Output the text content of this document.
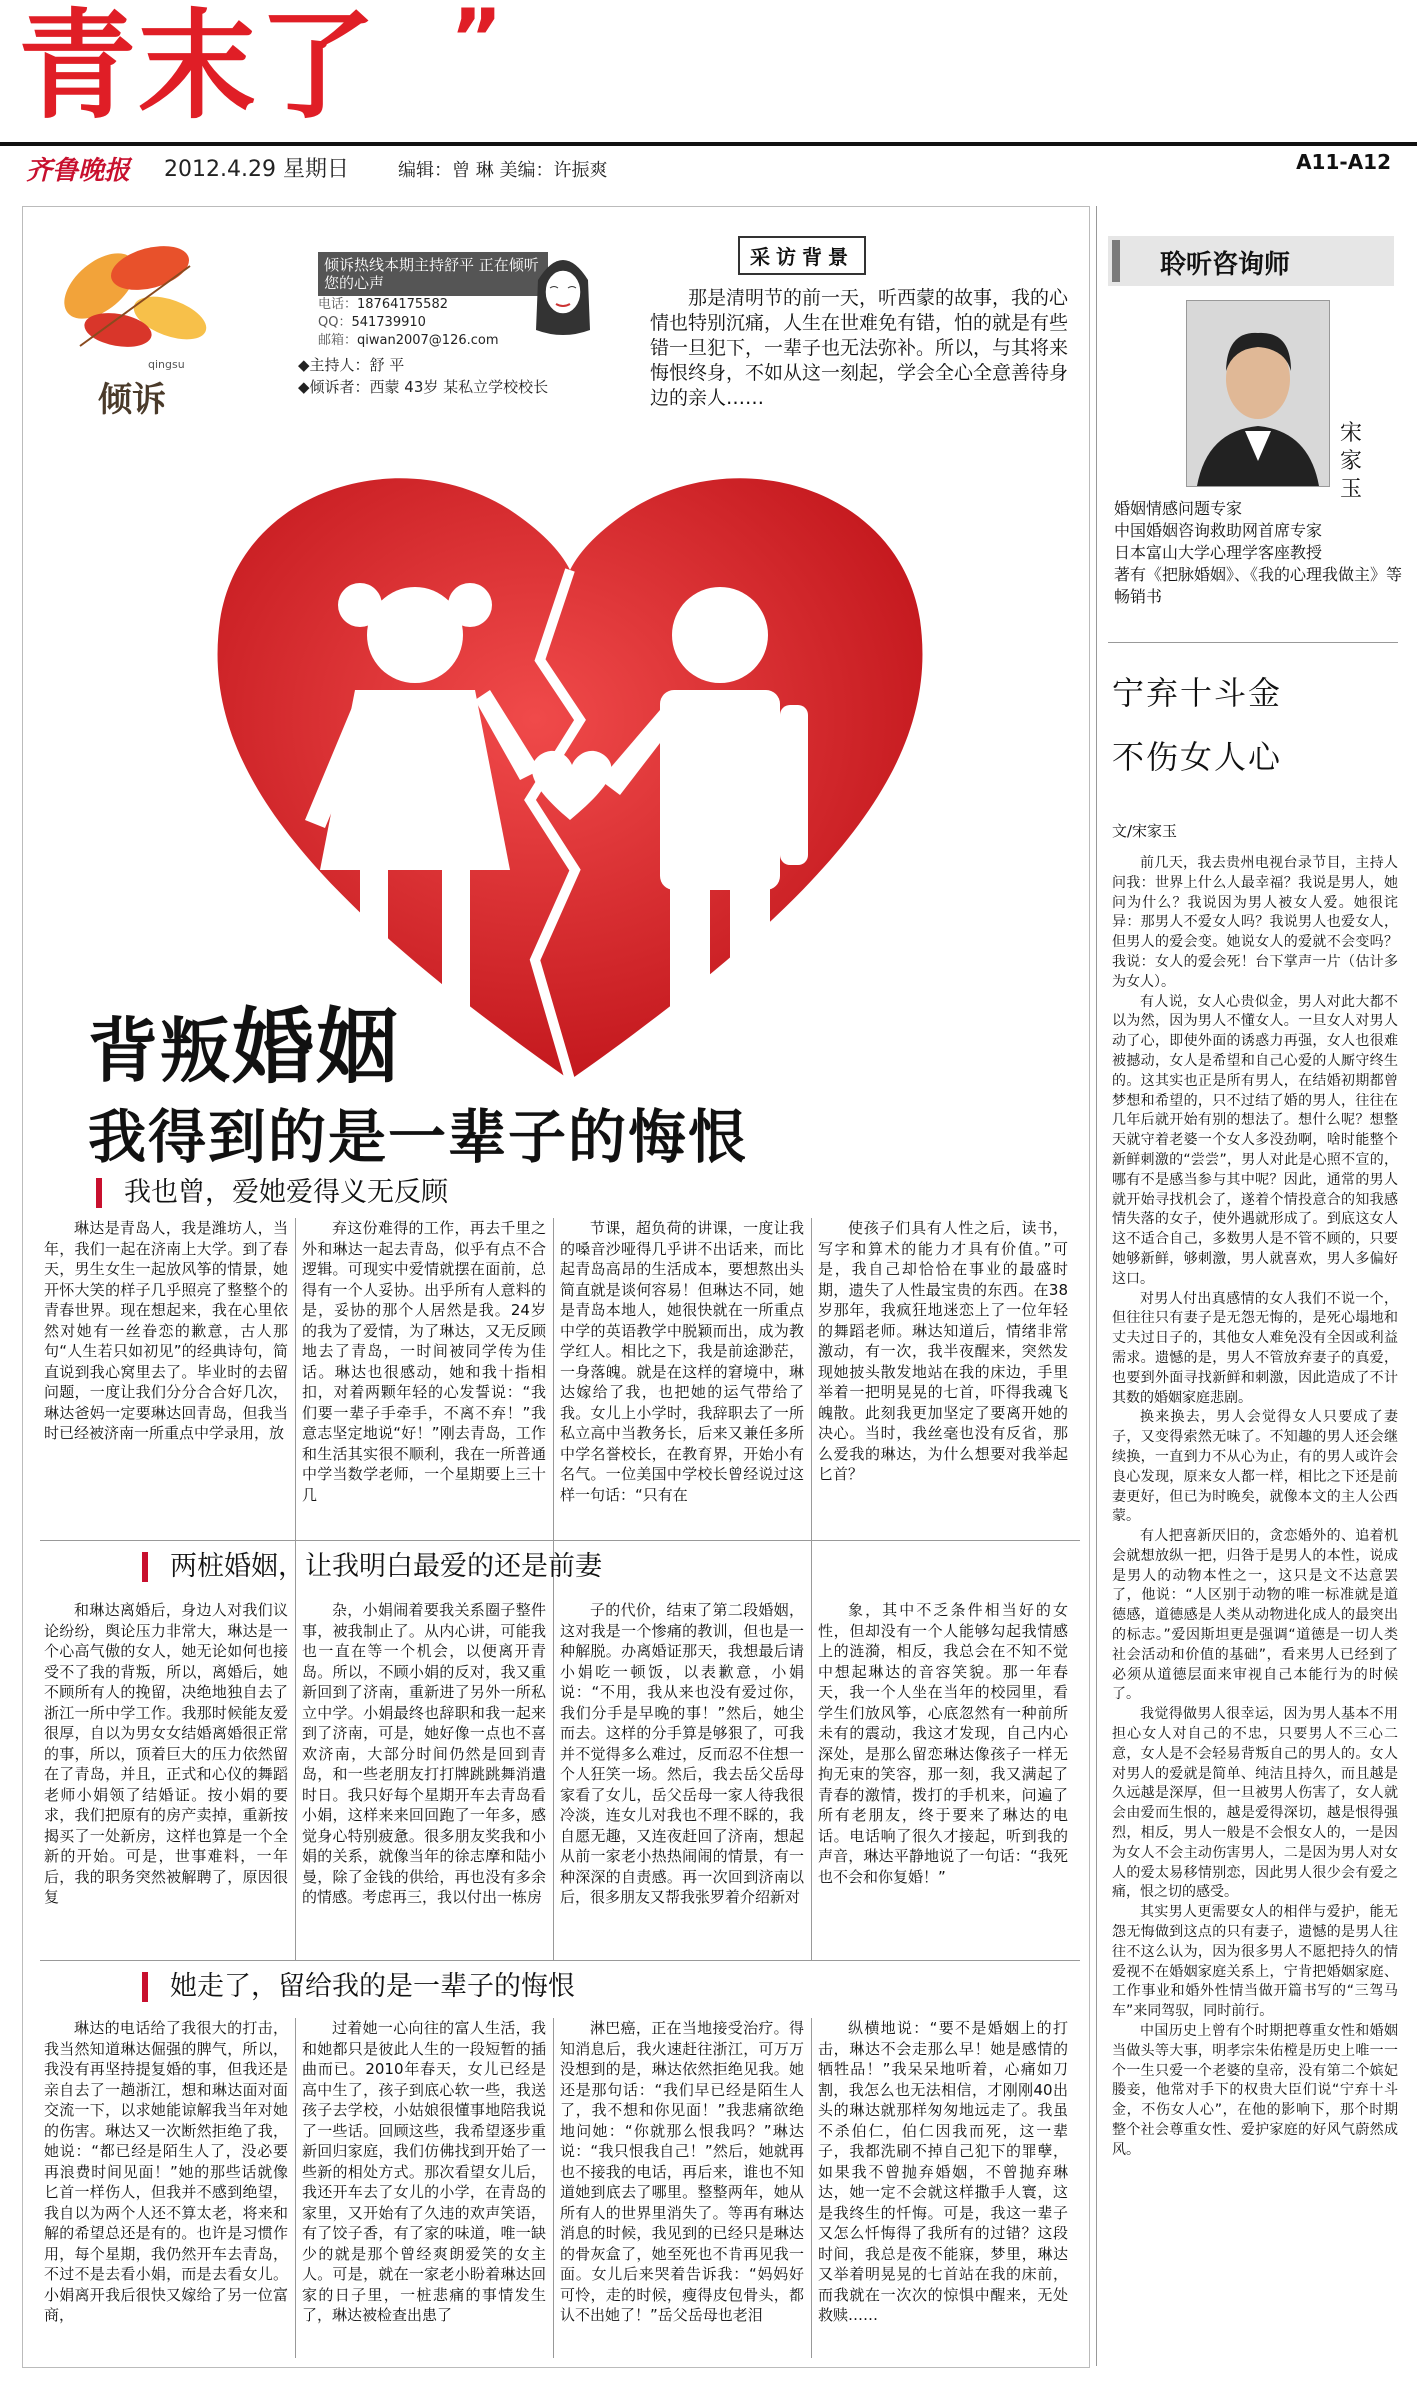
青末了 ”
齐鲁晚报 2012.4.29 星期日	编辑：曾 琳 美编：许振爽	A11-A12
qingsu
倾诉
倾诉热线本期主持舒平 正在倾听您的心声
电话：18764175582
QQ：541739910
邮箱：qiwan2007@126.com
◆主持人：舒 平
◆倾诉者：西蒙 43岁 某私立学校校长
采访背景
那是清明节的前一天，听西蒙的故事，我的心情也特别沉痛，人生在世难免有错，怕的就是有些错一旦犯下，一辈子也无法弥补。所以，与其将来悔恨终身，不如从这一刻起，学会全心全意善待身边的亲人……
背叛婚姻
我得到的是一辈子的悔恨
我也曾，爱她爱得义无反顾
琳达是青岛人，我是潍坊人，当年，我们一起在济南上大学。到了春天，男生女生一起放风筝的情景，她开怀大笑的样子几乎照亮了整整个的青春世界。现在想起来，我在心里依然对她有一丝眷恋的歉意，古人那句“人生若只如初见”的经典诗句，简直说到我心窝里去了。毕业时的去留问题，一度让我们分分合合好几次，琳达爸妈一定要琳达回青岛，但我当时已经被济南一所重点中学录用，放
弃这份难得的工作，再去千里之外和琳达一起去青岛，似乎有点不合逻辑。可现实中爱情就摆在面前，总得有一个人妥协。出乎所有人意料的是，妥协的那个人居然是我。24岁的我为了爱情，为了琳达，又无反顾地去了青岛，一时间被同学传为佳话。琳达也很感动，她和我十指相扣，对着两颗年轻的心发誓说：“我们要一辈子手牵手，不离不弃！”我意志坚定地说“好！”刚去青岛，工作和生活其实很不顺利，我在一所普通中学当数学老师，一个星期要上三十几
节课，超负荷的讲课，一度让我的嗓音沙哑得几乎讲不出话来，而比起青岛高昂的生活成本，要想熬出头简直就是谈何容易！但琳达不同，她是青岛本地人，她很快就在一所重点中学的英语教学中脱颖而出，成为教学红人。相比之下，我是前途渺茫，一身落魄。就是在这样的窘境中，琳达嫁给了我，也把她的运气带给了我。女儿上小学时，我辞职去了一所私立高中当教务长，后来又兼任多所中学名誉校长，在教育界，开始小有名气。一位美国中学校长曾经说过这样一句话：“只有在
使孩子们具有人性之后，读书，写字和算术的能力才具有价值。”可是，我自己却恰恰在事业的最盛时期，遗失了人性最宝贵的东西。在38岁那年，我疯狂地迷恋上了一位年轻的舞蹈老师。琳达知道后，情绪非常激动，有一次，我半夜醒来，突然发现她披头散发地站在我的床边，手里举着一把明晃晃的七首，吓得我魂飞魄散。此刻我更加坚定了要离开她的决心。当时，我丝毫也没有反省，那么爱我的琳达，为什么想要对我举起匕首？
两桩婚姻，让我明白最爱的还是前妻
和琳达离婚后，身边人对我们议论纷纷，舆论压力非常大，琳达是一个心高气傲的女人，她无论如何也接受不了我的背叛，所以，离婚后，她不顾所有人的挽留，决绝地独自去了浙江一所中学工作。我那时候能友爱很厚，自以为男女女结婚离婚很正常的事，所以，顶着巨大的压力依然留在了青岛，并且，正式和心仪的舞蹈老师小娟领了结婚证。按小娟的要求，我们把原有的房产卖掉，重新按揭买了一处新房，这样也算是一个全新的开始。可是，世事难料，一年后，我的职务突然被解聘了，原因很复
杂，小娟闹着要我关系圈子整件事，被我制止了。从内心讲，可能我也一直在等一个机会，以便离开青岛。所以，不顾小娟的反对，我又重新回到了济南，重新进了另外一所私立中学。小娟最终也辞职和我一起来到了济南，可是，她好像一点也不喜欢济南，大部分时间仍然是回到青岛，和一些老朋友打打牌跳跳舞消遣时日。我只好每个星期开车去青岛看小娟，这样来来回回跑了一年多，感觉身心特别疲惫。很多朋友奖我和小娟的关系，就像当年的徐志摩和陆小曼，除了金钱的供给，再也没有多余的情感。考虑再三，我以付出一栋房
子的代价，结束了第二段婚姻，这对我是一个惨痛的教训，但也是一种解脱。办离婚证那天，我想最后请小娟吃一顿饭，以表歉意，小娟说：“不用，我从来也没有爱过你，我们分手是早晚的事！”然后，她尘而去。这样的分手算是够狠了，可我并不觉得多么难过，反而忍不住想一个人狂笑一场。然后，我去岳父岳母家看了女儿，岳父岳母一家人待我很冷淡，连女儿对我也不理不睬的，我自愿无趣，又连夜赶回了济南，想起从前一家老小热热闹闹的情景，有一种深深的自责感。再一次回到济南以后，很多朋友又帮我张罗着介绍新对
象，其中不乏条件相当好的女性，但却没有一个人能够勾起我情感上的涟漪，相反，我总会在不知不觉中想起琳达的音容笑貌。那一年春天，我一个人坐在当年的校园里，看学生们放风筝，心底忽然有一种前所未有的震动，我这才发现，自己内心深处，是那么留恋琳达像孩子一样无拘无束的笑容，那一刻，我又满起了青春的激情，拨打的手机来，问遍了所有老朋友，终于要来了琳达的电话。电话响了很久才接起，听到我的声音，琳达平静地说了一句话：“我死也不会和你复婚！”
她走了，留给我的是一辈子的悔恨
琳达的电话给了我很大的打击，我当然知道琳达倔强的脾气，所以，我没有再坚持提复婚的事，但我还是亲自去了一趟浙江，想和琳达面对面交流一下，以求她能谅解我当年对她的伤害。琳达又一次断然拒绝了我，她说：“都已经是陌生人了，没必要再浪费时间见面！”她的那些话就像匕首一样伤人，但我并不感到绝望，我自以为两个人还不算太老，将来和解的希望总还是有的。也许是习惯作用，每个星期，我仍然开车去青岛，不过不是去看小娟，而是去看女儿。小娟离开我后很快又嫁给了另一位富商，
过着她一心向往的富人生活，我和她都只是彼此人生的一段短暂的插曲而已。2010年春天，女儿已经是高中生了，孩子到底心软一些，我送孩子去学校，小姑娘很懂事地陪我说了一些话。回顾这些，我希望逐步重新回归家庭，我们仿佛找到开始了一些新的相处方式。那次看望女儿后，我还开车去了女儿的小学，在青岛的家里，又开始有了久违的欢声笑语，有了饺子香，有了家的味道，唯一缺少的就是那个曾经爽朗爱笑的女主人。可是，就在一家老小盼着琳达回家的日子里，一桩悲痛的事情发生了，琳达被检查出患了
淋巴癌，正在当地接受治疗。得知消息后，我火速赶往浙江，可万万没想到的是，琳达依然拒绝见我。她还是那句话：“我们早已经是陌生人了，我不想和你见面！”我悲痛欲绝地问她：“你就那么恨我吗？”琳达说：“我只恨我自己！”然后，她就再也不接我的电话，再后来，谁也不知道她到底去了哪里。整整两年，她从所有人的世界里消失了。等再有琳达消息的时候，我见到的已经只是琳达的骨灰盒了，她至死也不肯再见我一面。女儿后来哭着告诉我：“妈妈好可怜，走的时候，瘦得皮包骨头，都认不出她了！”岳父岳母也老泪
纵横地说：“要不是婚姻上的打击，琳达不会走那么早！她是感情的牺牲品！”我呆呆地听着，心痛如刀割，我怎么也无法相信，才刚刚40出头的琳达就那样匆匆地远走了。我虽不杀伯仁，伯仁因我而死，这一辈子，我都洗刷不掉自己犯下的罪孽，如果我不曾抛弃婚姻，不曾抛弃琳达，她一定不会就这样撒手人寰，这是我终生的忏悔。可是，我这一辈子又怎么忏悔得了我所有的过错？这段时间，我总是夜不能寐，梦里，琳达又举着明晃晃的七首站在我的床前，而我就在一次次的惊惧中醒来，无处救赎……
聆听咨询师
宋家玉
婚姻情感问题专家
中国婚姻咨询救助网首席专家
日本富山大学心理学客座教授
著有《把脉婚姻》、《我的心理我做主》等畅销书
宁弃十斗金
不伤女人心
文/宋家玉
前几天，我去贵州电视台录节目，主持人问我：世界上什么人最幸福？我说是男人，她问为什么？我说因为男人被女人爱。她很诧异：那男人不爱女人吗？我说男人也爱女人，但男人的爱会变。她说女人的爱就不会变吗？我说：女人的爱会死！台下掌声一片（估计多为女人）。
有人说，女人心贵似金，男人对此大都不以为然，因为男人不懂女人。一旦女人对男人动了心，即使外面的诱惑力再强，女人也很难被撼动，女人是希望和自己心爱的人厮守终生的。这其实也正是所有男人，在结婚初期都曾梦想和希望的，只不过结了婚的男人，往往在几年后就开始有别的想法了。想什么呢？想整天就守着老婆一个女人多没劲啊，啥时能整个新鲜刺激的“尝尝”，男人对此是心照不宣的，哪有不是感当参与其中呢？因此，通常的男人就开始寻找机会了，遂着个情投意合的知我感情失落的女子，使外遇就形成了。到底这女人这不适合自己，多数男人是不管不顾的，只要她够新鲜，够刺激，男人就喜欢，男人多偏好这口。
对男人付出真感情的女人我们不说一个，但往往只有妻子是无怨无悔的，是死心塌地和丈夫过日子的，其他女人难免没有全因或利益需求。遗憾的是，男人不管放弃妻子的真爱，也要到外面寻找新鲜和刺激，因此造成了不计其数的婚姻家庭悲剧。
换来换去，男人会觉得女人只要成了妻子，又变得索然无味了。不知趣的男人还会继续换，一直到力不从心为止，有的男人或许会良心发现，原来女人都一样，相比之下还是前妻更好，但已为时晚矣，就像本文的主人公西蒙。
有人把喜新厌旧的，贪恋婚外的、追着机会就想放纵一把，归咎于是男人的本性，说成是男人的动物本性之一，这只是文不达意罢了，他说：“人区别于动物的唯一标准就是道德感，道德感是人类从动物进化成人的最突出的标志。”爱因斯坦更是强调“道德是一切人类社会活动和价值的基础”，看来男人已经到了必须从道德层面来审视自己本能行为的时候了。
我觉得做男人很幸运，因为男人基本不用担心女人对自己的不忠，只要男人不三心二意，女人是不会轻易背叛自己的男人的。女人对男人的爱就是简单、纯洁且持久，而且越是久远越是深厚，但一旦被男人伤害了，女人就会由爱而生恨的，越是爱得深切，越是恨得强烈，相反，男人一般是不会恨女人的，一是因为女人不会主动伤害男人，二是因为男人对女人的爱太易移情别恋，因此男人很少会有爱之痛，恨之切的感受。
其实男人更需要女人的相伴与爱护，能无怨无悔做到这点的只有妻子，遗憾的是男人往往不这么认为，因为很多男人不愿把持久的情爱视不在婚姻家庭关系上，宁肯把婚姻家庭、工作事业和婚外性情当做开篇书写的“三驾马车”来同驾驭，同时前行。
中国历史上曾有个时期把尊重女性和婚姻当做头等大事，明孝宗朱佑樘是历史上唯一一个一生只爱一个老婆的皇帝，没有第二个嫔妃媵妾，他常对手下的权贵大臣们说“宁弃十斗金，不伤女人心”，在他的影响下，那个时期整个社会尊重女性、爱护家庭的好风气蔚然成风。
